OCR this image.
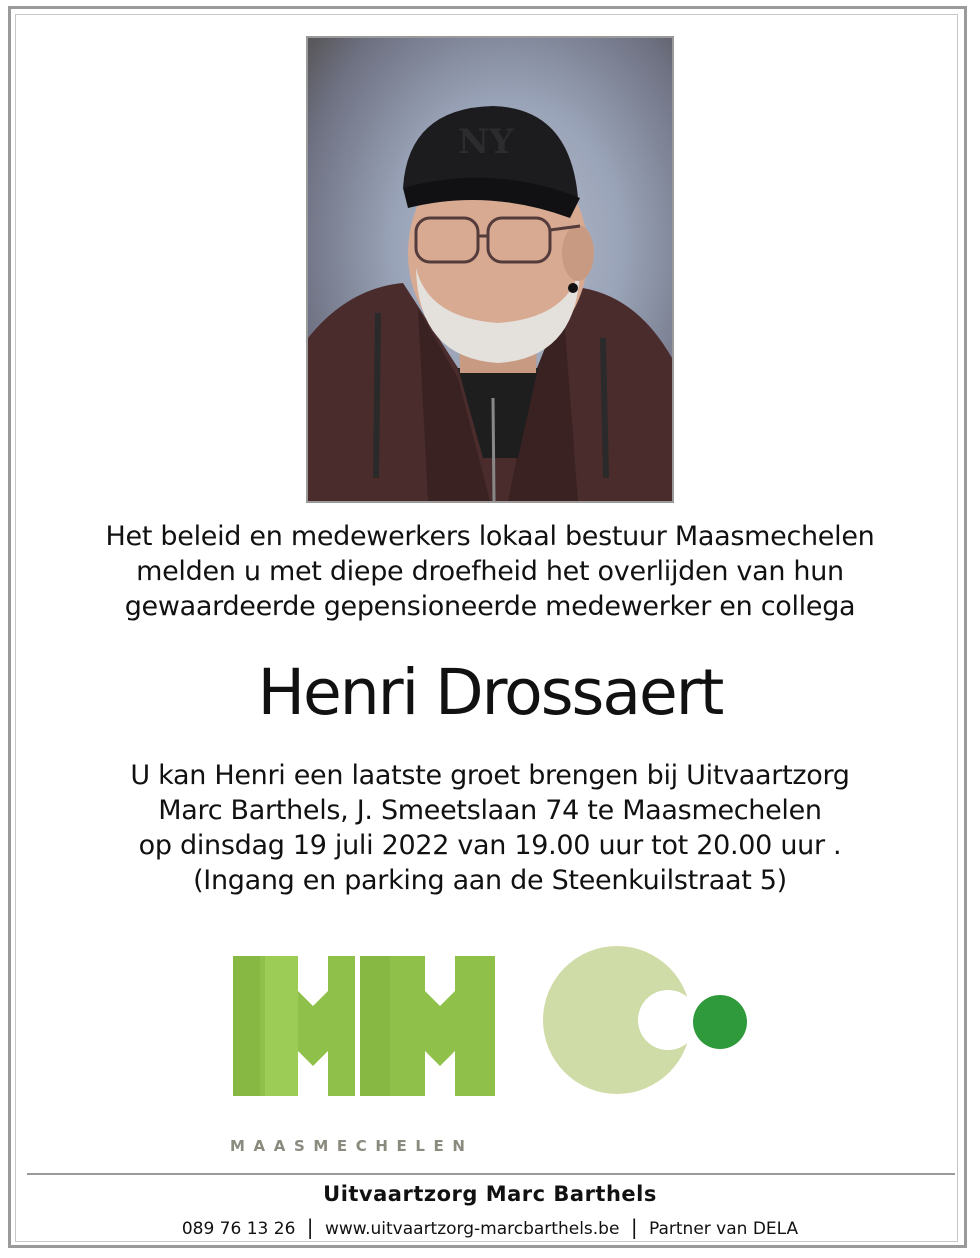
NY
Het beleid en medewerkers lokaal bestuur Maasmechelen
melden u met diepe droefheid het overlijden van hun
gewaardeerde gepensioneerde medewerker en collega
Henri Drossaert
U kan Henri een laatste groet brengen bij Uitvaartzorg
Marc Barthels, J. Smeetslaan 74 te Maasmechelen
op dinsdag 19 juli 2022 van 19.00 uur tot 20.00 uur .
(Ingang en parking aan de Steenkuilstraat 5)
MAASMECHELEN
Uitvaartzorg Marc Barthels
089 76 13 26 | www.uitvaartzorg-marcbarthels.be | Partner van DELA
